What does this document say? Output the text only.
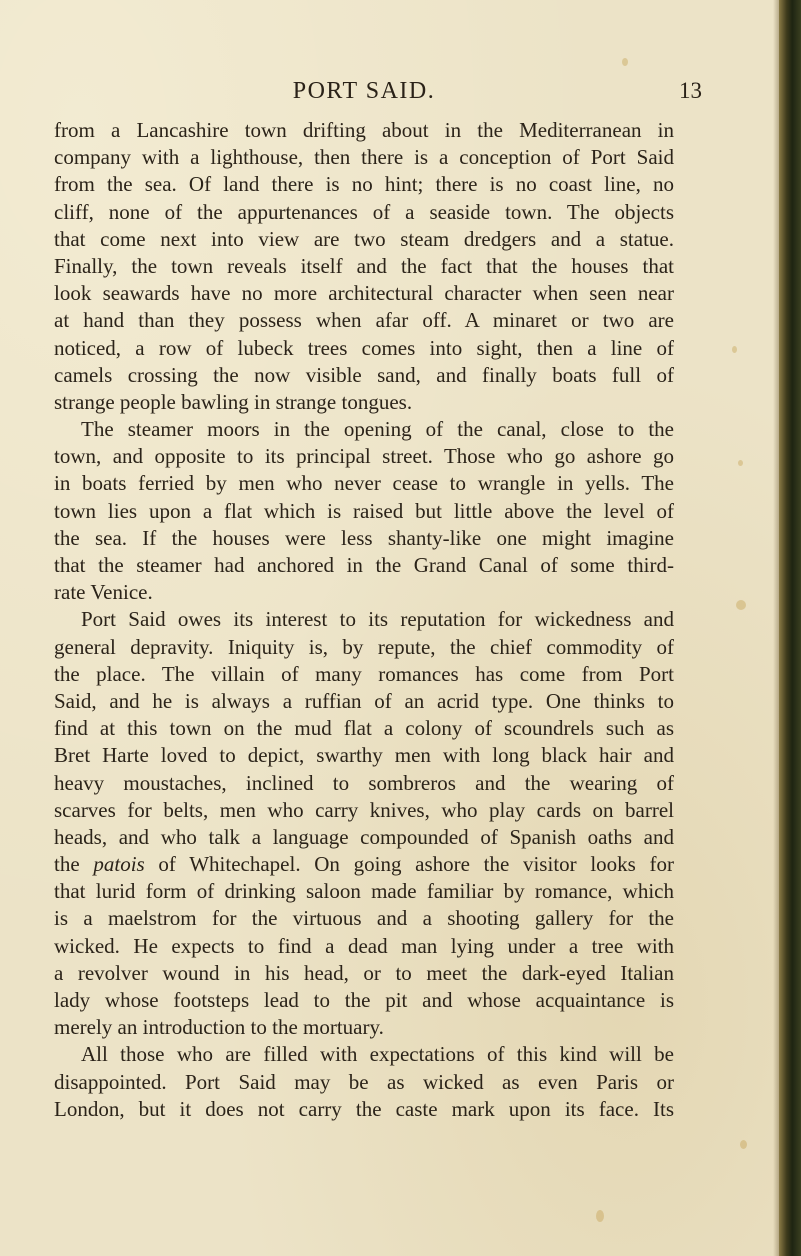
PORT SAID.	13
from a Lancashire town drifting about in the Mediterranean in
company with a lighthouse, then there is a conception of Port Said
from the sea. Of land there is no hint; there is no coast line, no
cliff, none of the appurtenances of a seaside town. The objects
that come next into view are two steam dredgers and a statue.
Finally, the town reveals itself and the fact that the houses that
look seawards have no more architectural character when seen near
at hand than they possess when afar off. A minaret or two are
noticed, a row of lubeck trees comes into sight, then a line of
camels crossing the now visible sand, and finally boats full of
strange people bawling in strange tongues.
The steamer moors in the opening of the canal, close to the
town, and opposite to its principal street. Those who go ashore go
in boats ferried by men who never cease to wrangle in yells. The
town lies upon a flat which is raised but little above the level of
the sea. If the houses were less shanty-like one might imagine
that the steamer had anchored in the Grand Canal of some third-
rate Venice.
Port Said owes its interest to its reputation for wickedness and
general depravity. Iniquity is, by repute, the chief commodity of
the place. The villain of many romances has come from Port
Said, and he is always a ruffian of an acrid type. One thinks to
find at this town on the mud flat a colony of scoundrels such as
Bret Harte loved to depict, swarthy men with long black hair and
heavy moustaches, inclined to sombreros and the wearing of
scarves for belts, men who carry knives, who play cards on barrel
heads, and who talk a language compounded of Spanish oaths and
the patois of Whitechapel. On going ashore the visitor looks for
that lurid form of drinking saloon made familiar by romance, which
is a maelstrom for the virtuous and a shooting gallery for the
wicked. He expects to find a dead man lying under a tree with
a revolver wound in his head, or to meet the dark-eyed Italian
lady whose footsteps lead to the pit and whose acquaintance is
merely an introduction to the mortuary.
All those who are filled with expectations of this kind will be
disappointed. Port Said may be as wicked as even Paris or
London, but it does not carry the caste mark upon its face. Its
